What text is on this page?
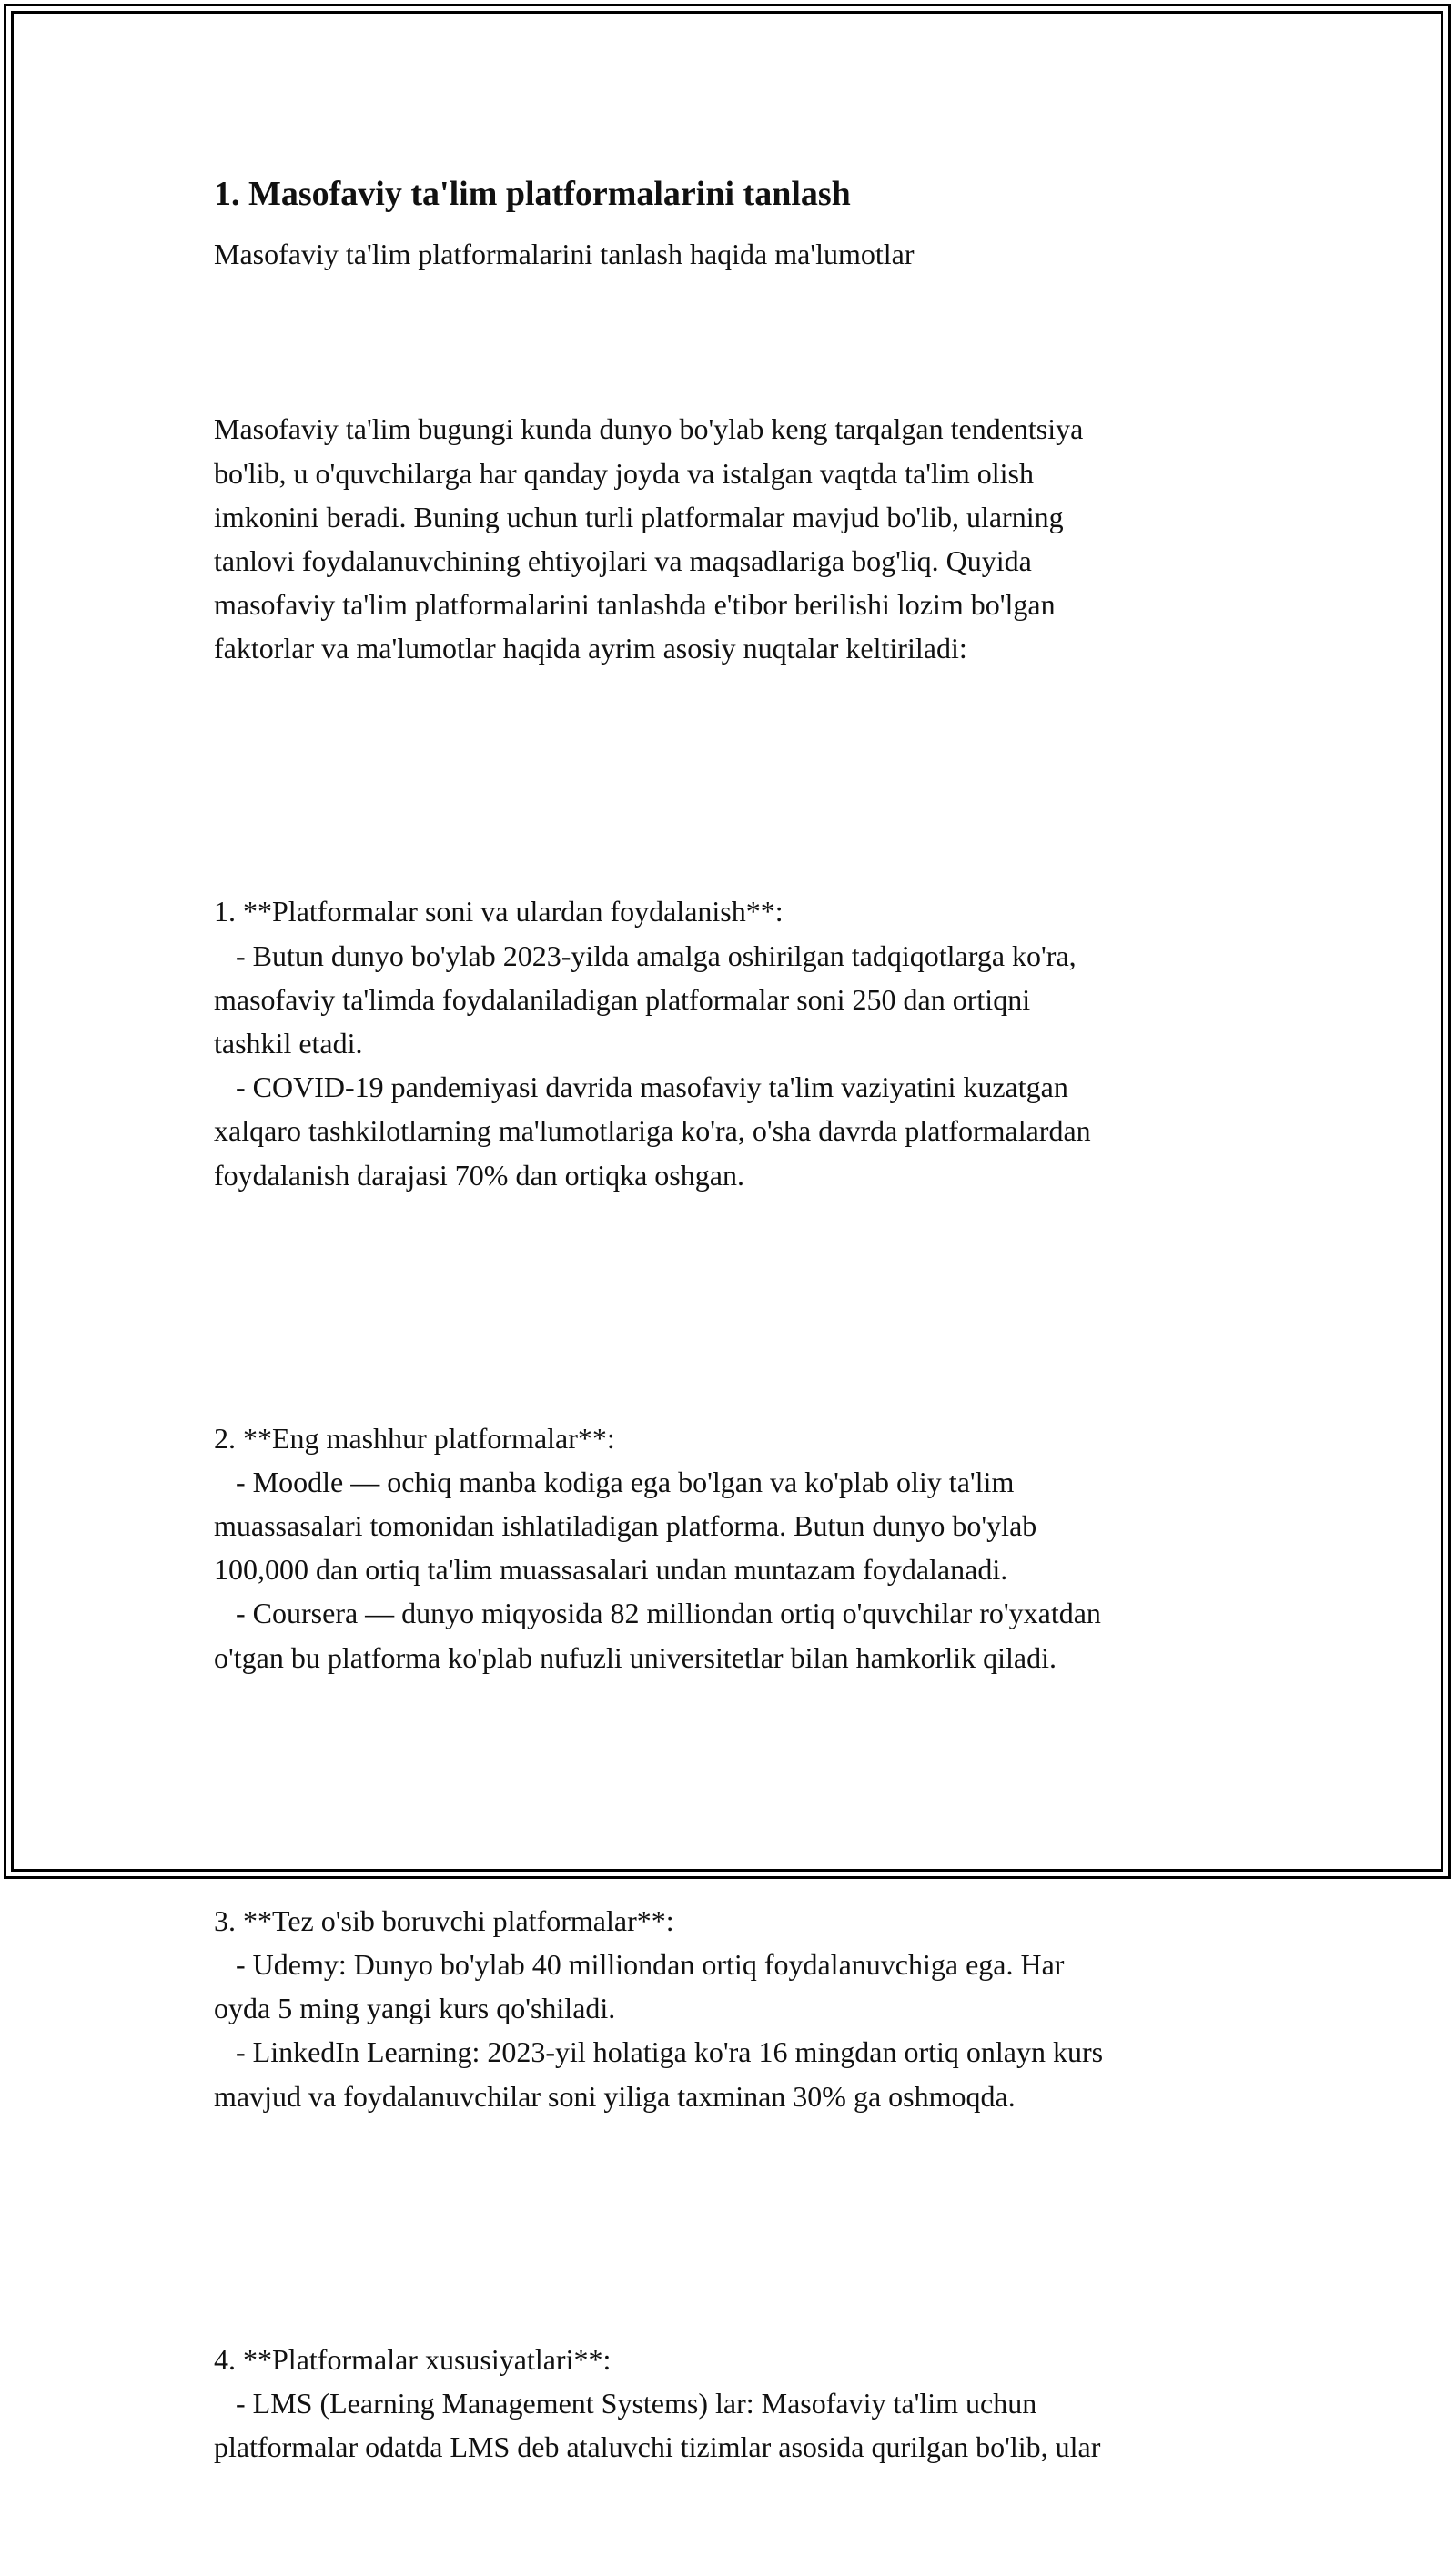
1. Masofaviy ta'lim platformalarini tanlash

Masofaviy ta'lim platformalarini tanlash haqida ma'lumotlar

Masofaviy ta'lim bugungi kunda dunyo bo'ylab keng tarqalgan tendentsiya
bo'lib, u o'quvchilarga har qanday joyda va istalgan vaqtda ta'lim olish
imkonini beradi. Buning uchun turli platformalar mavjud bo'lib, ularning
tanlovi foydalanuvchining ehtiyojlari va maqsadlariga bog'liq. Quyida
masofaviy ta'lim platformalarini tanlashda e'tibor berilishi lozim bo'lgan
faktorlar va ma'lumotlar haqida ayrim asosiy nuqtalar keltiriladi:

1. **Platformalar soni va ulardan foydalanish**:
- Butun dunyo bo'ylab 2023-yilda amalga oshirilgan tadqiqotlarga ko'ra,
masofaviy ta'limda foydalaniladigan platformalar soni 250 dan ortiqni
tashkil etadi.
- COVID-19 pandemiyasi davrida masofaviy ta'lim vaziyatini kuzatgan
xalqaro tashkilotlarning ma'lumotlariga ko'ra, o'sha davrda platformalardan
foydalanish darajasi 70% dan ortiqka oshgan.

2. **Eng mashhur platformalar**:
- Moodle — ochiq manba kodiga ega bo'lgan va ko'plab oliy ta'lim
muassasalari tomonidan ishlatiladigan platforma. Butun dunyo bo'ylab
100,000 dan ortiq ta'lim muassasalari undan muntazam foydalanadi.
- Coursera — dunyo miqyosida 82 milliondan ortiq o'quvchilar ro'yxatdan
o'tgan bu platforma ko'plab nufuzli universitetlar bilan hamkorlik qiladi.

3. **Tez o'sib boruvchi platformalar**:
- Udemy: Dunyo bo'ylab 40 milliondan ortiq foydalanuvchiga ega. Har
oyda 5 ming yangi kurs qo'shiladi.
- LinkedIn Learning: 2023-yil holatiga ko'ra 16 mingdan ortiq onlayn kurs
mavjud va foydalanuvchilar soni yiliga taxminan 30% ga oshmoqda.

4. **Platformalar xususiyatlari**:
- LMS (Learning Management Systems) lar: Masofaviy ta'lim uchun
platformalar odatda LMS deb ataluvchi tizimlar asosida qurilgan bo'lib, ular
